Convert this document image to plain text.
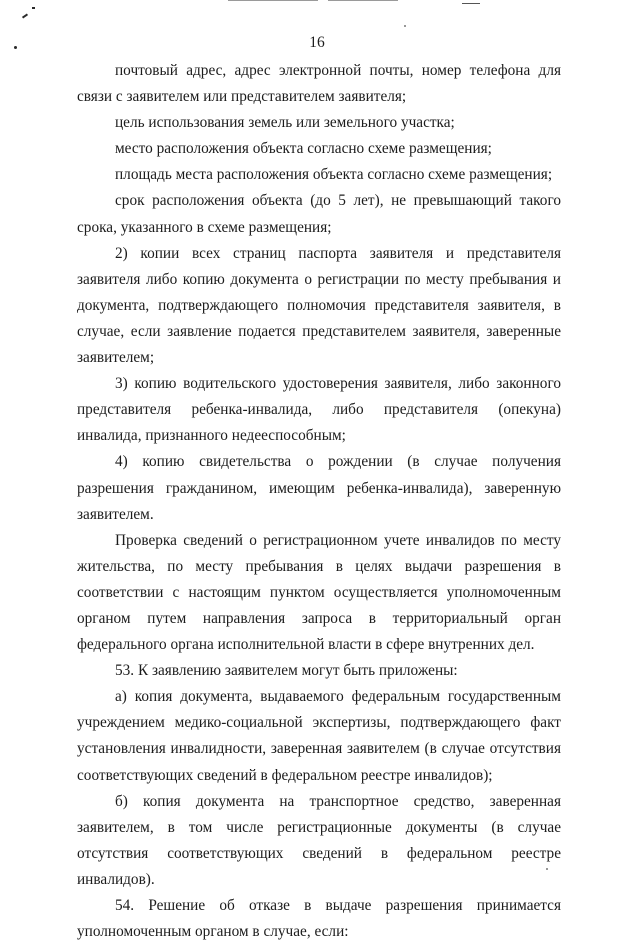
16

почтовый адрес, адрес электронной почты, номер телефона для связи с заявителем или представителем заявителя;

цель использования земель или земельного участка;

место расположения объекта согласно схеме размещения;

площадь места расположения объекта согласно схеме размещения;

срок расположения объекта (до 5 лет), не превышающий такого срока, указанного в схеме размещения;

2) копии всех страниц паспорта заявителя и представителя заявителя либо копию документа о регистрации по месту пребывания и документа, подтверждающего полномочия представителя заявителя, в случае, если заявление подается представителем заявителя, заверенные заявителем;

3) копию водительского удостоверения заявителя, либо законного представителя ребенка-инвалида, либо представителя (опекуна) инвалида, признанного недееспособным;

4) копию свидетельства о рождении (в случае получения разрешения гражданином, имеющим ребенка-инвалида), заверенную заявителем.

Проверка сведений о регистрационном учете инвалидов по месту жительства, по месту пребывания в целях выдачи разрешения в соответствии с настоящим пунктом осуществляется уполномоченным органом путем направления запроса в территориальный орган федерального органа исполнительной власти в сфере внутренних дел.

53. К заявлению заявителем могут быть приложены:

а) копия документа, выдаваемого федеральным государственным учреждением медико-социальной экспертизы, подтверждающего факт установления инвалидности, заверенная заявителем (в случае отсутствия соответствующих сведений в федеральном реестре инвалидов);

б) копия документа на транспортное средство, заверенная заявителем, в том числе регистрационные документы (в случае отсутствия соответствующих сведений в федеральном реестре инвалидов).

54. Решение об отказе в выдаче разрешения принимается уполномоченным органом в случае, если:
